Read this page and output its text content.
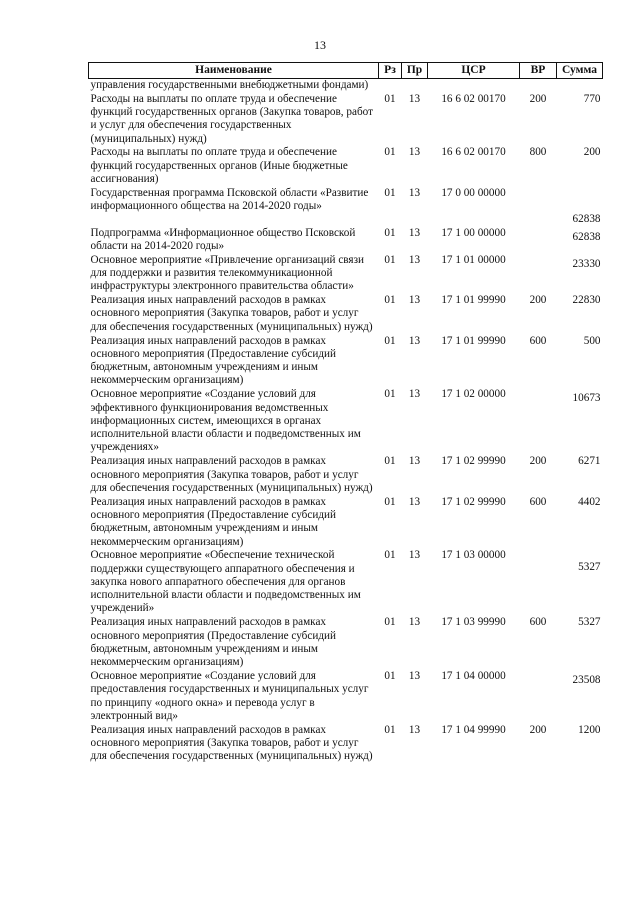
13
Наименование	Рз	Пр	ЦСР	ВР	Сумма
управления государственными внебюджетными фондами)					
Расходы на выплаты по оплате труда и обеспечение функций государственных органов (Закупка товаров, работ и услуг для обеспечения государственных (муниципальных) нужд)	01	13	16 6 02 00170	200	770
Расходы на выплаты по оплате труда и обеспечение функций государственных органов (Иные бюджетные ассигнования)	01	13	16 6 02 00170	800	200
Государственная программа Псковской области «Развитие информационного общества на 2014-2020 годы»	01	13	17 0 00 00000		62838
Подпрограмма «Информационное общество Псковской области на 2014-2020 годы»	01	13	17 1 00 00000		62838
Основное мероприятие «Привлечение организаций связи для поддержки и развития телекоммуникационной инфраструктуры электронного правительства области»	01	13	17 1 01 00000		23330
Реализация иных направлений расходов в рамках основного мероприятия (Закупка товаров, работ и услуг для обеспечения государственных (муниципальных) нужд)	01	13	17 1 01 99990	200	22830
Реализация иных направлений расходов в рамках основного мероприятия (Предоставление субсидий бюджетным, автономным учреждениям и иным некоммерческим организациям)	01	13	17 1 01 99990	600	500
Основное мероприятие «Создание условий для эффективного функционирования ведомственных информационных систем, имеющихся в органах исполнительной власти области и подведомственных им учреждениях»	01	13	17 1 02 00000		10673
Реализация иных направлений расходов в рамках основного мероприятия (Закупка товаров, работ и услуг для обеспечения государственных (муниципальных) нужд)	01	13	17 1 02 99990	200	6271
Реализация иных направлений расходов в рамках основного мероприятия (Предоставление субсидий бюджетным, автономным учреждениям и иным некоммерческим организациям)	01	13	17 1 02 99990	600	4402
Основное мероприятие «Обеспечение технической поддержки существующего аппаратного обеспечения и закупка нового аппаратного обеспечения для органов исполнительной власти области и подведомственных им учреждений»	01	13	17 1 03 00000		5327
Реализация иных направлений расходов в рамках основного мероприятия (Предоставление субсидий бюджетным, автономным учреждениям и иным некоммерческим организациям)	01	13	17 1 03 99990	600	5327
Основное мероприятие «Создание условий для предоставления государственных и муниципальных услуг по принципу «одного окна» и перевода услуг в электронный вид»	01	13	17 1 04 00000		23508
Реализация иных направлений расходов в рамках основного мероприятия (Закупка товаров, работ и услуг для обеспечения государственных (муниципальных) нужд)	01	13	17 1 04 99990	200	1200
